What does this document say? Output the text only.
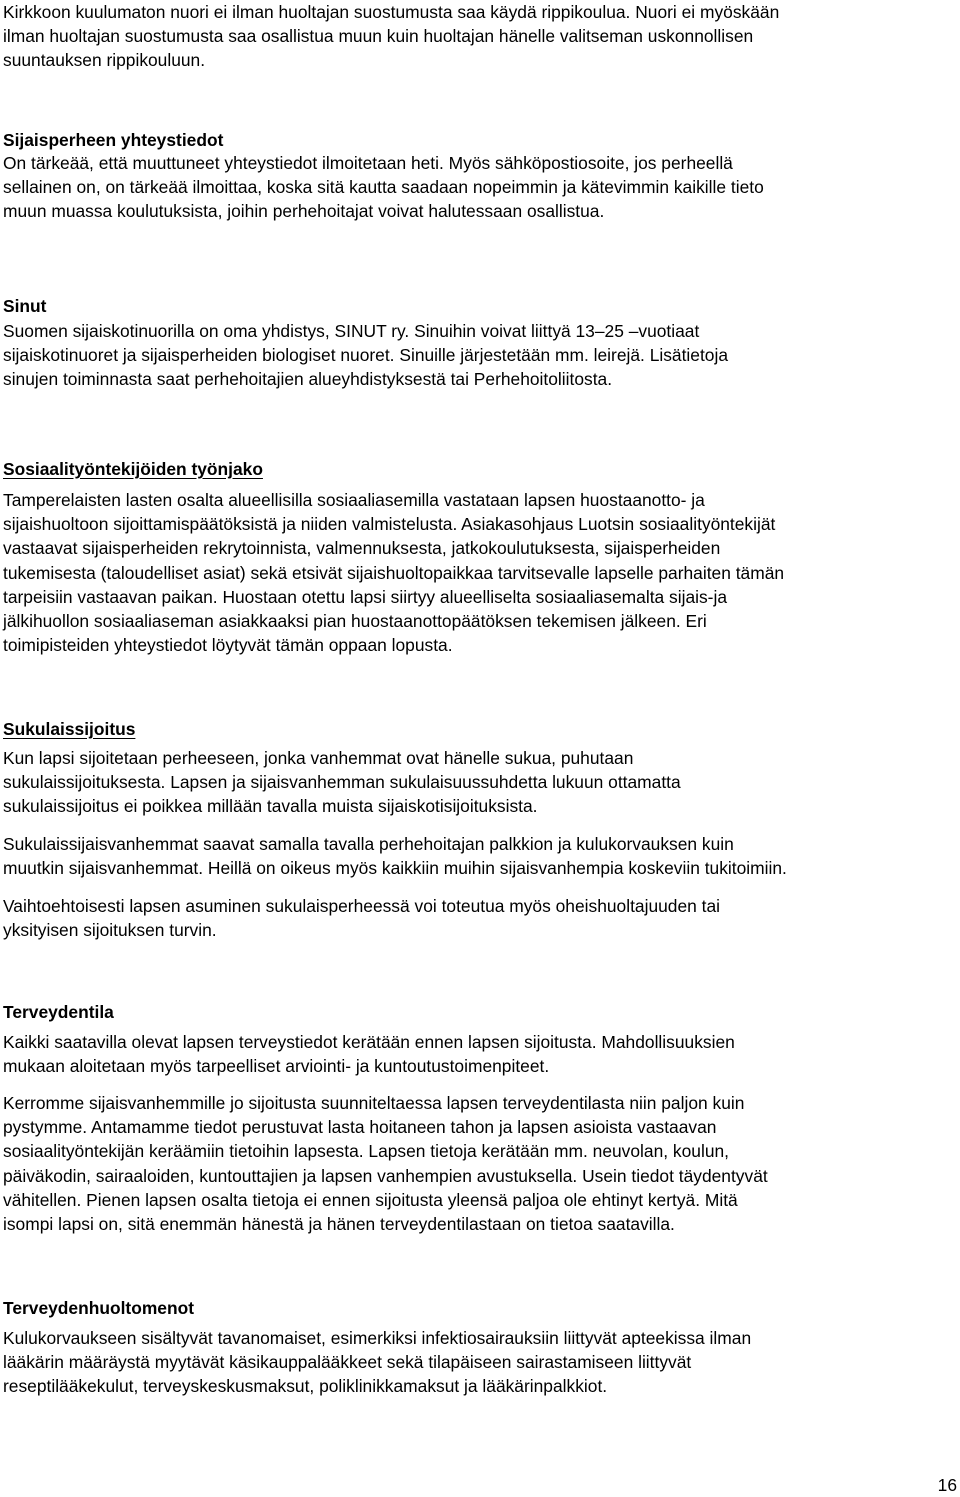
Kirkkoon kuulumaton nuori ei ilman huoltajan suostumusta saa käydä rippikoulua. Nuori ei myöskään
ilman huoltajan suostumusta saa osallistua muun kuin huoltajan hänelle valitseman uskonnollisen
suuntauksen rippikouluun.

Sijaisperheen yhteystiedot

On tärkeää, että muuttuneet yhteystiedot ilmoitetaan heti. Myös sähköpostiosoite, jos perheellä
sellainen on, on tärkeää ilmoittaa, koska sitä kautta saadaan nopeimmin ja kätevimmin kaikille tieto
muun muassa koulutuksista, joihin perhehoitajat voivat halutessaan osallistua.

Sinut

Suomen sijaiskotinuorilla on oma yhdistys, SINUT ry. Sinuihin voivat liittyä 13–25 –vuotiaat
sijaiskotinuoret ja sijaisperheiden biologiset nuoret. Sinuille järjestetään mm. leirejä. Lisätietoja
sinujen toiminnasta saat perhehoitajien alueyhdistyksestä tai Perhehoitoliitosta.

Sosiaalityöntekijöiden työnjako

Tamperelaisten lasten osalta alueellisilla sosiaaliasemilla vastataan lapsen huostaanotto- ja
sijaishuoltoon sijoittamispäätöksistä ja niiden valmistelusta. Asiakasohjaus Luotsin sosiaalityöntekijät
vastaavat sijaisperheiden rekrytoinnista, valmennuksesta, jatkokoulutuksesta, sijaisperheiden
tukemisesta (taloudelliset asiat) sekä etsivät sijaishuoltopaikkaa tarvitsevalle lapselle parhaiten tämän
tarpeisiin vastaavan paikan. Huostaan otettu lapsi siirtyy alueelliselta sosiaaliasemalta sijais-ja
jälkihuollon sosiaaliaseman asiakkaaksi pian huostaanottopäätöksen tekemisen jälkeen. Eri
toimipisteiden yhteystiedot löytyvät tämän oppaan lopusta.

Sukulaissijoitus

Kun lapsi sijoitetaan perheeseen, jonka vanhemmat ovat hänelle sukua, puhutaan
sukulaissijoituksesta. Lapsen ja sijaisvanhemman sukulaisuussuhdetta lukuun ottamatta
sukulaissijoitus ei poikkea millään tavalla muista sijaiskotisijoituksista.

Sukulaissijaisvanhemmat saavat samalla tavalla perhehoitajan palkkion ja kulukorvauksen kuin
muutkin sijaisvanhemmat. Heillä on oikeus myös kaikkiin muihin sijaisvanhempia koskeviin tukitoimiin.

Vaihtoehtoisesti lapsen asuminen sukulaisperheessä voi toteutua myös oheishuoltajuuden tai
yksityisen sijoituksen turvin.

Terveydentila

Kaikki saatavilla olevat lapsen terveystiedot kerätään ennen lapsen sijoitusta. Mahdollisuuksien
mukaan aloitetaan myös tarpeelliset arviointi- ja kuntoutustoimenpiteet.

Kerromme sijaisvanhemmille jo sijoitusta suunniteltaessa lapsen terveydentilasta niin paljon kuin
pystymme. Antamamme tiedot perustuvat lasta hoitaneen tahon ja lapsen asioista vastaavan
sosiaalityöntekijän keräämiin tietoihin lapsesta. Lapsen tietoja kerätään mm. neuvolan, koulun,
päiväkodin, sairaaloiden, kuntouttajien ja lapsen vanhempien avustuksella. Usein tiedot täydentyvät
vähitellen. Pienen lapsen osalta tietoja ei ennen sijoitusta yleensä paljoa ole ehtinyt kertyä. Mitä
isompi lapsi on, sitä enemmän hänestä ja hänen terveydentilastaan on tietoa saatavilla.

Terveydenhuoltomenot

Kulukorvaukseen sisältyvät tavanomaiset, esimerkiksi infektiosairauksiin liittyvät apteekissa ilman
lääkärin määräystä myytävät käsikauppalääkkeet sekä tilapäiseen sairastamiseen liittyvät
reseptilääkekulut, terveyskeskusmaksut, poliklinikkamaksut ja lääkärinpalkkiot.

16
